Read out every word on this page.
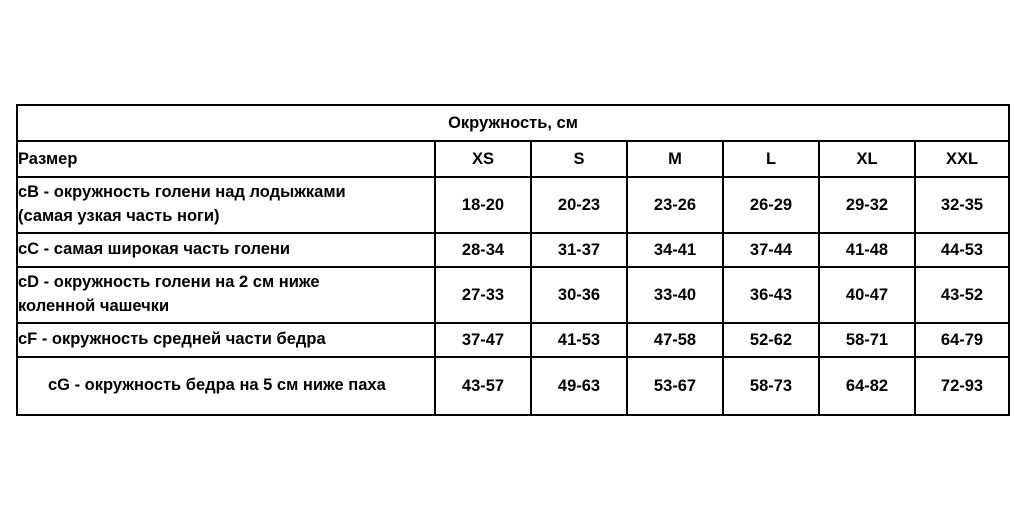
Окружность, см						
Размер	XS	S	M	L	XL	XXL

cB - окружность голени над лодыжками
(самая узкая часть ноги)	18-20	20-23	23-26	26-29	29-32	32-35

cC - самая широкая часть голени	28-34	31-37	34-41	37-44	41-48	44-53

cD - окружность голени на 2 см ниже
коленной чашечки	27-33	30-36	33-40	36-43	40-47	43-52

cF - окружность средней части бедра	37-47	41-53	47-58	52-62	58-71	64-79

cG - окружность бедра на 5 см ниже паха	43-57	49-63	53-67	58-73	64-82	72-93
